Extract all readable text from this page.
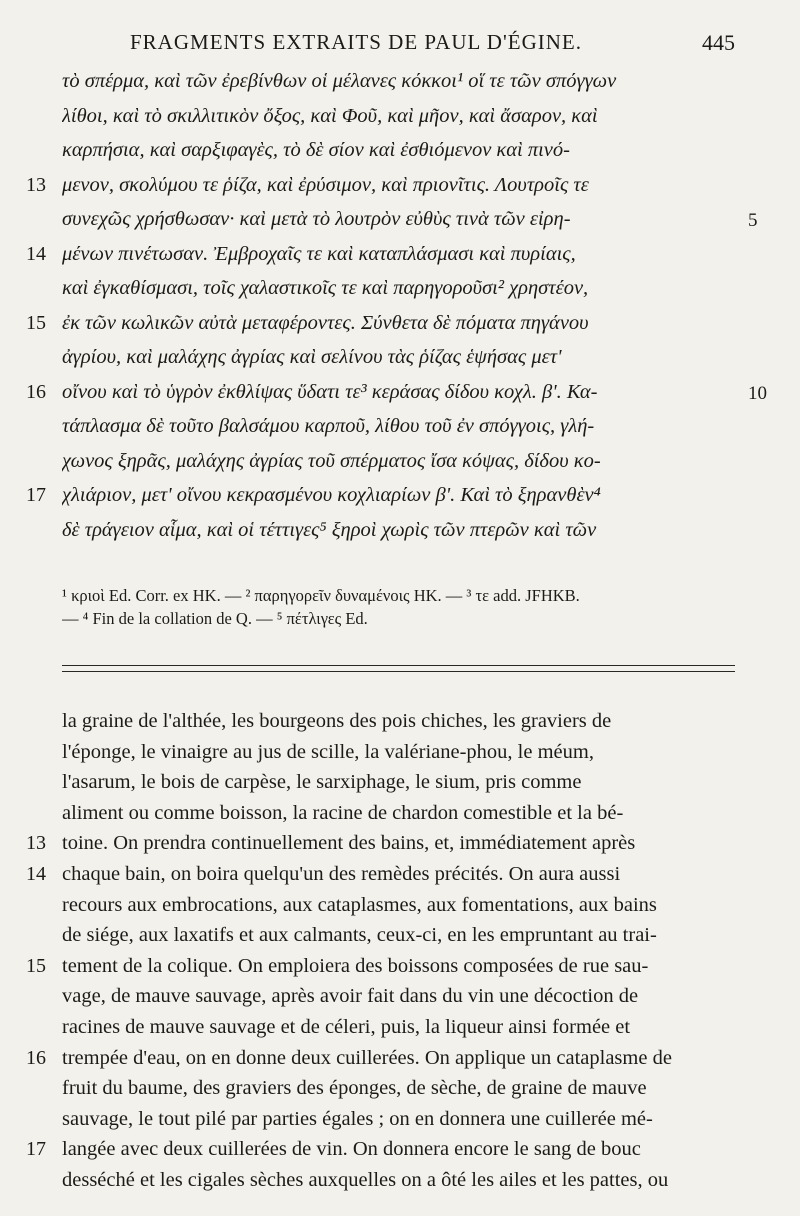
FRAGMENTS EXTRAITS DE PAUL D'ÉGINE.	445
τὸ σπέρμα, καὶ τῶν ἐρεβίνθων οἱ μέλανες κόκκοι¹ οἵ τε τῶν σπόγγων
λίθοι, καὶ τὸ σκιλλιτικὸν ὄξος, καὶ Φοῦ, καὶ μῆον, καὶ ἄσαρον, καὶ
καρπήσια, καὶ σαρξιφαγὲς, τὸ δὲ σίον καὶ ἐσθιόμενον καὶ πινό-
μενον, σκολύμου τε ῥίζα, καὶ ἐρύσιμον, καὶ πριονῖτις. Λουτροῖς τε
συνεχῶς χρήσθωσαν· καὶ μετὰ τὸ λουτρὸν εὐθὺς τινὰ τῶν εἰρη-
μένων πινέτωσαν. Ἐμβροχαῖς τε καὶ καταπλάσμασι καὶ πυρίαις,
καὶ ἐγκαθίσμασι, τοῖς χαλαστικοῖς τε καὶ παρηγοροῦσι² χρηστέον,
ἐκ τῶν κωλικῶν αὐτὰ μεταφέροντες. Σύνθετα δὲ πόματα πηγάνου
ἀγρίου, καὶ μαλάχης ἀγρίας καὶ σελίνου τὰς ῥίζας ἑψήσας μετ'
οἴνου καὶ τὸ ὑγρὸν ἐκθλίψας ὕδατι τε³ κεράσας δίδου κοχλ. β'. Κα-
τάπλασμα δὲ τοῦτο βαλσάμου καρποῦ, λίθου τοῦ ἐν σπόγγοις, γλή-
χωνος ξηρᾶς, μαλάχης ἀγρίας τοῦ σπέρματος ἴσα κόψας, δίδου κο-
χλιάριον, μετ' οἴνου κεκρασμένου κοχλιαρίων β'. Καὶ τὸ ξηρανθὲν⁴
δὲ τράγειον αἷμα, καὶ οἱ τέττιγες⁵ ξηροὶ χωρὶς τῶν πτερῶν καὶ τῶν
13
14
15
16
17
5
10
¹ κριοὶ Ed. Corr. ex HK. — ² παρηγορεῖν δυναμένοις HK. — ³ τε add. JFHKB.
— ⁴ Fin de la collation de Q. — ⁵ πέτλιγες Ed.
la graine de l'althée, les bourgeons des pois chiches, les graviers de
l'éponge, le vinaigre au jus de scille, la valériane-phou, le méum,
l'asarum, le bois de carpèse, le sarxiphage, le sium, pris comme
aliment ou comme boisson, la racine de chardon comestible et la bé-
toine. On prendra continuellement des bains, et, immédiatement après
chaque bain, on boira quelqu'un des remèdes précités. On aura aussi
recours aux embrocations, aux cataplasmes, aux fomentations, aux bains
de siége, aux laxatifs et aux calmants, ceux-ci, en les empruntant au trai-
tement de la colique. On emploiera des boissons composées de rue sau-
vage, de mauve sauvage, après avoir fait dans du vin une décoction de
racines de mauve sauvage et de céleri, puis, la liqueur ainsi formée et
trempée d'eau, on en donne deux cuillerées. On applique un cataplasme de
fruit du baume, des graviers des éponges, de sèche, de graine de mauve
sauvage, le tout pilé par parties égales ; on en donnera une cuillerée mé-
langée avec deux cuillerées de vin. On donnera encore le sang de bouc
desséché et les cigales sèches auxquelles on a ôté les ailes et les pattes, ou
13
14
15
16
17
